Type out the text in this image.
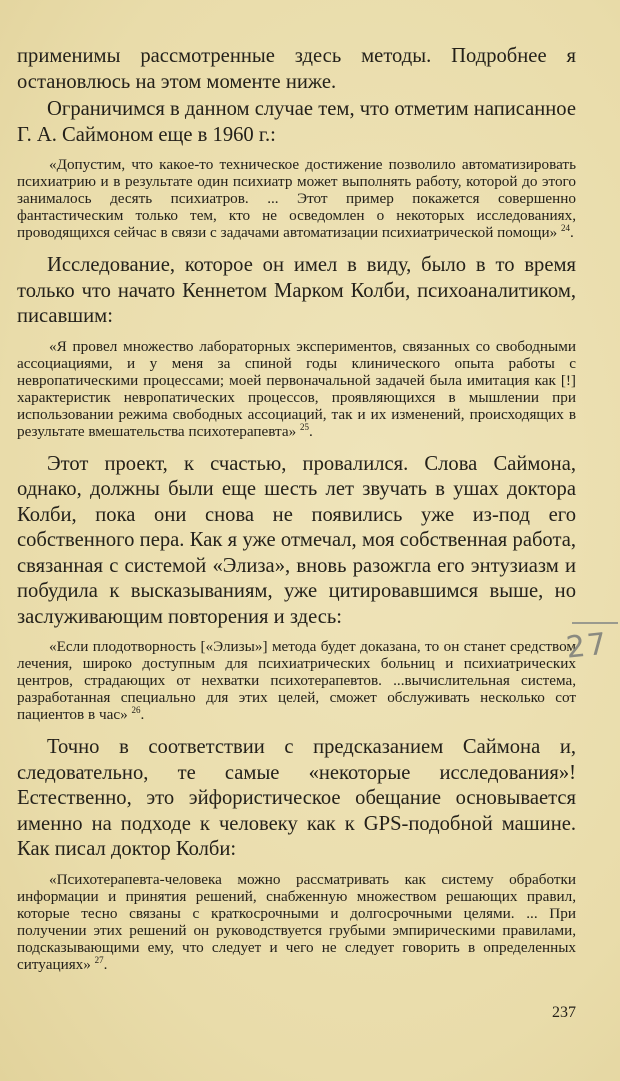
применимы рассмотренные здесь методы. Подробнее я остановлюсь на этом моменте ниже.

Ограничимся в данном случае тем, что отметим написанное Г. А. Саймоном еще в 1960 г.:

«Допустим, что какое-то техническое достижение позволило автоматизировать психиатрию и в результате один психиатр может выполнять работу, которой до этого занималось десять психиатров. ... Этот пример покажется совершенно фантастическим только тем, кто не осведомлен о некоторых исследованиях, проводящихся сейчас в связи с задачами автоматизации психиатрической помощи» $^{24}$.

Исследование, которое он имел в виду, было в то время только что начато Кеннетом Марком Колби, психоаналитиком, писавшим:

«Я провел множество лабораторных экспериментов, связанных со свободными ассоциациями, и у меня за спиной годы клинического опыта работы с невропатическими процессами; моей первоначальной задачей была имитация как [!] характеристик невропатических процессов, проявляющихся в мышлении при использовании режима свободных ассоциаций, так и их изменений, происходящих в результате вмешательства психотерапевта» $^{25}$.

Этот проект, к счастью, провалился. Слова Саймона, однако, должны были еще шесть лет звучать в ушах доктора Колби, пока они снова не появились уже из-под его собственного пера. Как я уже отмечал, моя собственная работа, связанная с системой «Элиза», вновь разожгла его энтузиазм и побудила к высказываниям, уже цитировавшимся выше, но заслуживающим повторения и здесь:

«Если плодотворность [«Элизы»] метода будет доказана, то он станет средством лечения, широко доступным для психиатрических больниц и психиатрических центров, страдающих от нехватки психотерапевтов. ...вычислительная система, разработанная специально для этих целей, сможет обслуживать несколько сот пациентов в час» $^{26}$.

Точно в соответствии с предсказанием Саймона и, следовательно, те самые «некоторые исследования»! Естественно, это эйфористическое обещание основывается именно на подходе к человеку как к GPS-подобной машине. Как писал доктор Колби:

«Психотерапевта-человека можно рассматривать как систему обработки информации и принятия решений, снабженную множеством решающих правил, которые тесно связаны с краткосрочными и долгосрочными целями. ... При получении этих решений он руководствуется грубыми эмпирическими правилами, подсказывающими ему, что следует и чего не следует говорить в определенных ситуациях» $^{27}$.

27
237
